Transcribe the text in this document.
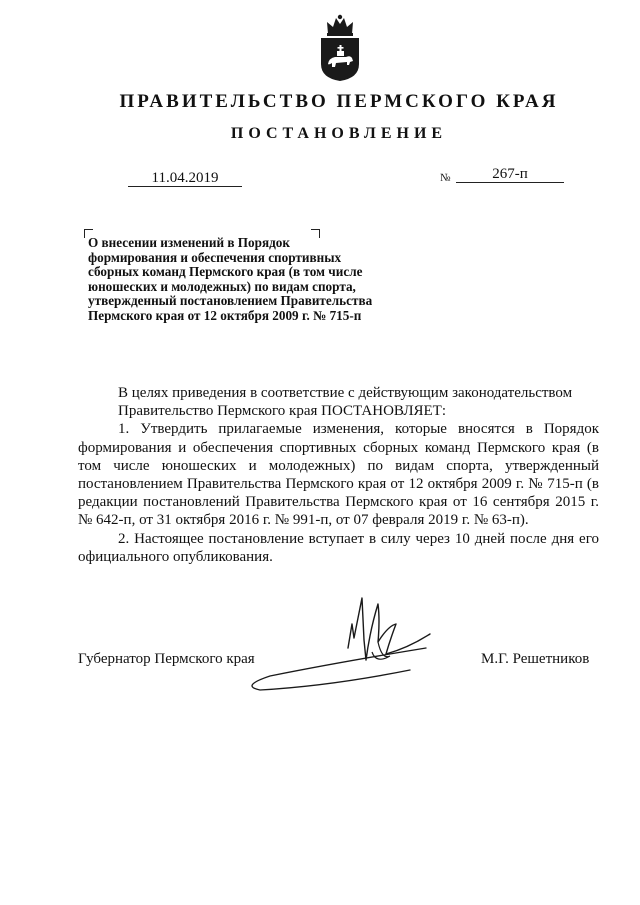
ПРАВИТЕЛЬСТВО ПЕРМСКОГО КРАЯ
ПОСТАНОВЛЕНИЕ
11.04.2019	№	267-п
О внесении изменений в Порядок
формирования и обеспечения спортивных
сборных команд Пермского края (в том числе
юношеских и молодежных) по видам спорта,
утвержденный постановлением Правительства
Пермского края от 12 октября 2009 г. № 715-п

В целях приведения в соответствие с действующим законодательством

Правительство Пермского края ПОСТАНОВЛЯЕТ:

1. Утвердить прилагаемые изменения, которые вносятся в Порядок формирования и обеспечения спортивных сборных команд Пермского края (в том числе юношеских и молодежных) по видам спорта, утвержденный постановлением Правительства Пермского края от 12 октября 2009 г. № 715-п (в редакции постановлений Правительства Пермского края от 16 сентября 2015 г. № 642-п, от 31 октября 2016 г. № 991-п, от 07 февраля 2019 г. № 63-п).

2. Настоящее постановление вступает в силу через 10 дней после дня его официального опубликования.

Губернатор Пермского края	М.Г. Решетников
